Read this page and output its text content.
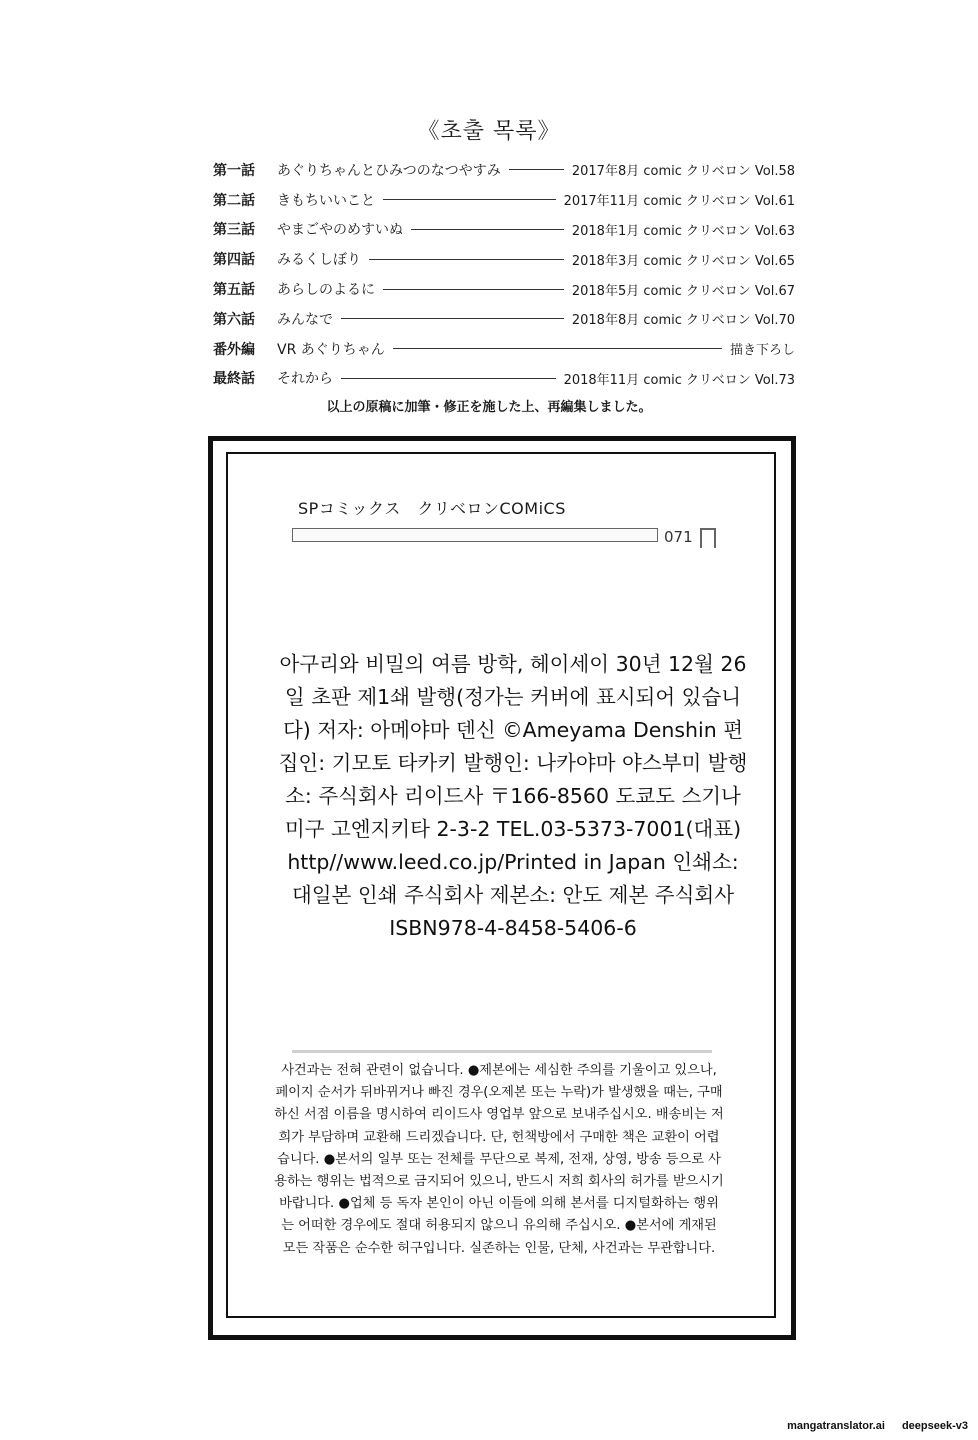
《초출 목록》
第一話	あぐりちゃんとひみつのなつやすみ	2017年8月 comic クリベロン Vol.58
第二話	きもちいいこと	2017年11月 comic クリベロン Vol.61
第三話	やまごやのめすいぬ	2018年1月 comic クリベロン Vol.63
第四話	みるくしぼり	2018年3月 comic クリベロン Vol.65
第五話	あらしのよるに	2018年5月 comic クリベロン Vol.67
第六話	みんなで	2018年8月 comic クリベロン Vol.70
番外編	VR あぐりちゃん	描き下ろし
最終話	それから	2018年11月 comic クリベロン Vol.73
以上の原稿に加筆・修正を施した上、再編集しました。
SPコミックス　クリベロンCOMiCS
071
아구리와 비밀의 여름 방학, 헤이세이 30년 12월 26일 초판 제1쇄 발행(정가는 커버에 표시되어 있습니다) 저자: 아메야마 덴신 ©Ameyama Denshin 편집인: 기모토 타카키 발행인: 나카야마 야스부미 발행소: 주식회사 리이드사 〒166-8560 도쿄도 스기나미구 고엔지키타 2-3-2 TEL.03-5373-7001(대표) http//www.leed.co.jp/Printed in Japan 인쇄소: 대일본 인쇄 주식회사 제본소: 안도 제본 주식회사 ISBN978-4-8458-5406-6
사건과는 전혀 관련이 없습니다. ●제본에는 세심한 주의를 기울이고 있으나, 페이지 순서가 뒤바뀌거나 빠진 경우(오제본 또는 누락)가 발생했을 때는, 구매하신 서점 이름을 명시하여 리이드사 영업부 앞으로 보내주십시오. 배송비는 저희가 부담하며 교환해 드리겠습니다. 단, 헌책방에서 구매한 책은 교환이 어렵습니다. ●본서의 일부 또는 전체를 무단으로 복제, 전재, 상영, 방송 등으로 사용하는 행위는 법적으로 금지되어 있으니, 반드시 저희 회사의 허가를 받으시기 바랍니다. ●업체 등 독자 본인이 아닌 이들에 의해 본서를 디지털화하는 행위는 어떠한 경우에도 절대 허용되지 않으니 유의해 주십시오. ●본서에 게재된 모든 작품은 순수한 허구입니다. 실존하는 인물, 단체, 사건과는 무관합니다.
mangatranslator.ai deepseek-v3
